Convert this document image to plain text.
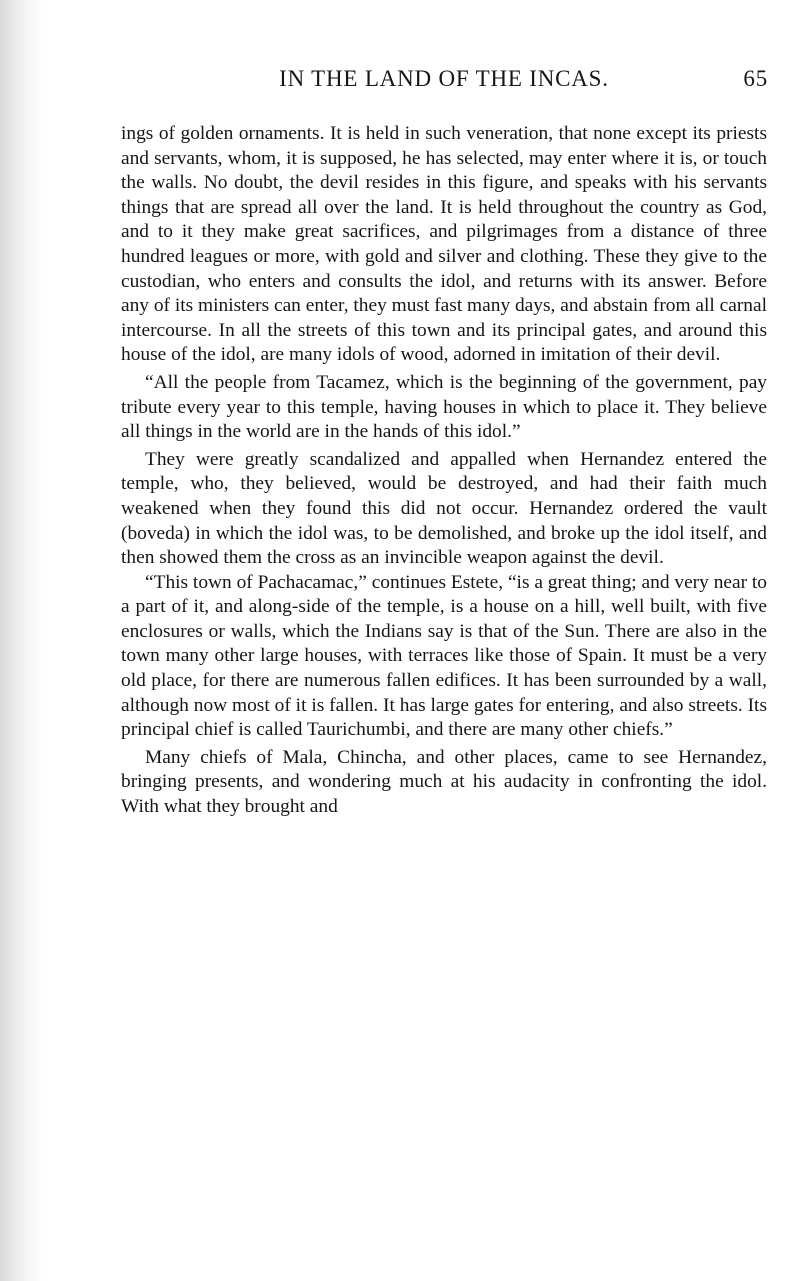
IN THE LAND OF THE INCAS.	65

ings of golden ornaments. It is held in such veneration, that none except its priests and servants, whom, it is supposed, he has selected, may enter where it is, or touch the walls. No doubt, the devil resides in this figure, and speaks with his servants things that are spread all over the land. It is held throughout the country as God, and to it they make great sacrifices, and pilgrimages from a distance of three hundred leagues or more, with gold and silver and clothing. These they give to the custodian, who enters and consults the idol, and returns with its answer. Before any of its ministers can enter, they must fast many days, and abstain from all carnal intercourse. In all the streets of this town and its principal gates, and around this house of the idol, are many idols of wood, adorned in imitation of their devil.

“All the people from Tacamez, which is the beginning of the government, pay tribute every year to this temple, having houses in which to place it. They believe all things in the world are in the hands of this idol.”

They were greatly scandalized and appalled when Hernandez entered the temple, who, they believed, would be destroyed, and had their faith much weakened when they found this did not occur. Hernandez ordered the vault (boveda) in which the idol was, to be demolished, and broke up the idol itself, and then showed them the cross as an invincible weapon against the devil.

“This town of Pachacamac,” continues Estete, “is a great thing; and very near to a part of it, and along-side of the temple, is a house on a hill, well built, with five enclosures or walls, which the Indians say is that of the Sun. There are also in the town many other large houses, with terraces like those of Spain. It must be a very old place, for there are numerous fallen edifices. It has been surrounded by a wall, although now most of it is fallen. It has large gates for entering, and also streets. Its principal chief is called Taurichumbi, and there are many other chiefs.”

Many chiefs of Mala, Chincha, and other places, came to see Hernandez, bringing presents, and wondering much at his audacity in confronting the idol. With what they brought and
